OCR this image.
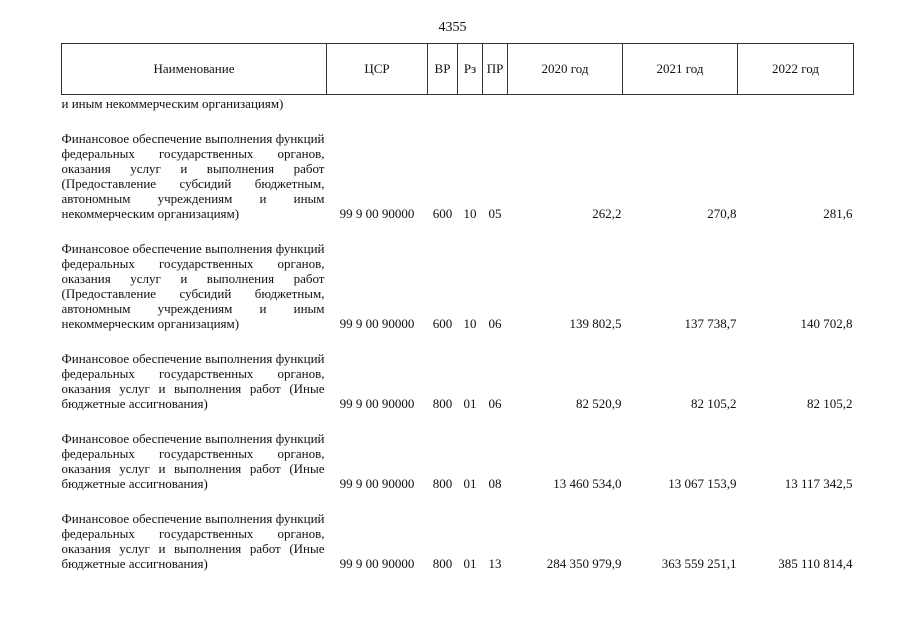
4355
Наименование	ЦСР	ВР	Рз	ПР	2020 год	2021 год	2022 год
и иным некоммерческим организациям)							
Финансовое обеспечение выполнения функций федеральных государственных органов, оказания услуг и выполнения работ (Предоставление субсидий бюджетным, автономным учреждениям и иным некоммерческим организациям)	99 9 00 90000	600	10	05	262,2	270,8	281,6
Финансовое обеспечение выполнения функций федеральных государственных органов, оказания услуг и выполнения работ (Предоставление субсидий бюджетным, автономным учреждениям и иным некоммерческим организациям)	99 9 00 90000	600	10	06	139 802,5	137 738,7	140 702,8
Финансовое обеспечение выполнения функций федеральных государственных органов, оказания услуг и выполнения работ (Иные бюджетные ассигнования)	99 9 00 90000	800	01	06	82 520,9	82 105,2	82 105,2
Финансовое обеспечение выполнения функций федеральных государственных органов, оказания услуг и выполнения работ (Иные бюджетные ассигнования)	99 9 00 90000	800	01	08	13 460 534,0	13 067 153,9	13 117 342,5
Финансовое обеспечение выполнения функций федеральных государственных органов, оказания услуг и выполнения работ (Иные бюджетные ассигнования)	99 9 00 90000	800	01	13	284 350 979,9	363 559 251,1	385 110 814,4
